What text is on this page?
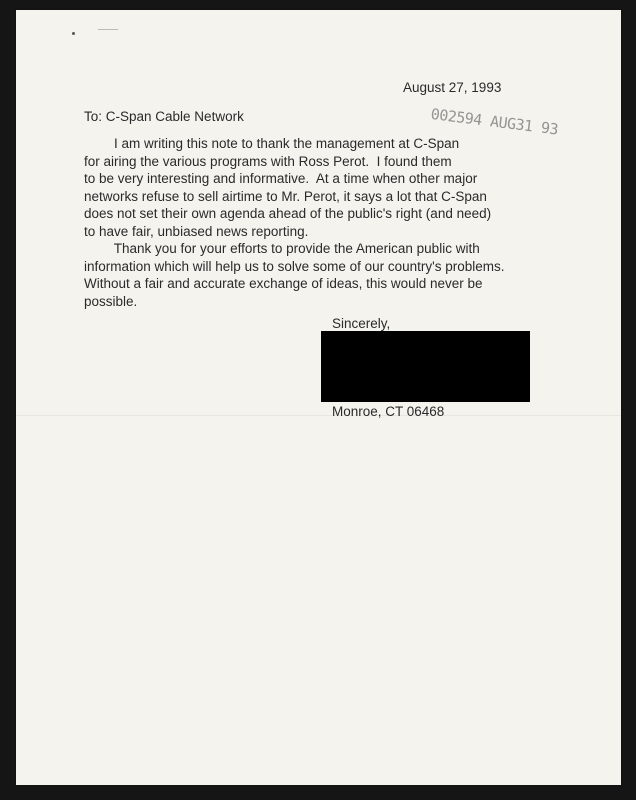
August 27, 1993
To: C-Span Cable Network	002594 AUG31 93
I am writing this note to thank the management at C-Span
for airing the various programs with Ross Perot.  I found them
to be very interesting and informative.  At a time when other major
networks refuse to sell airtime to Mr. Perot, it says a lot that C-Span
does not set their own agenda ahead of the public's right (and need)
to have fair, unbiased news reporting.
Thank you for your efforts to provide the American public with
information which will help us to solve some of our country's problems.
Without a fair and accurate exchange of ideas, this would never be
possible.
Sincerely,
Monroe, CT 06468
